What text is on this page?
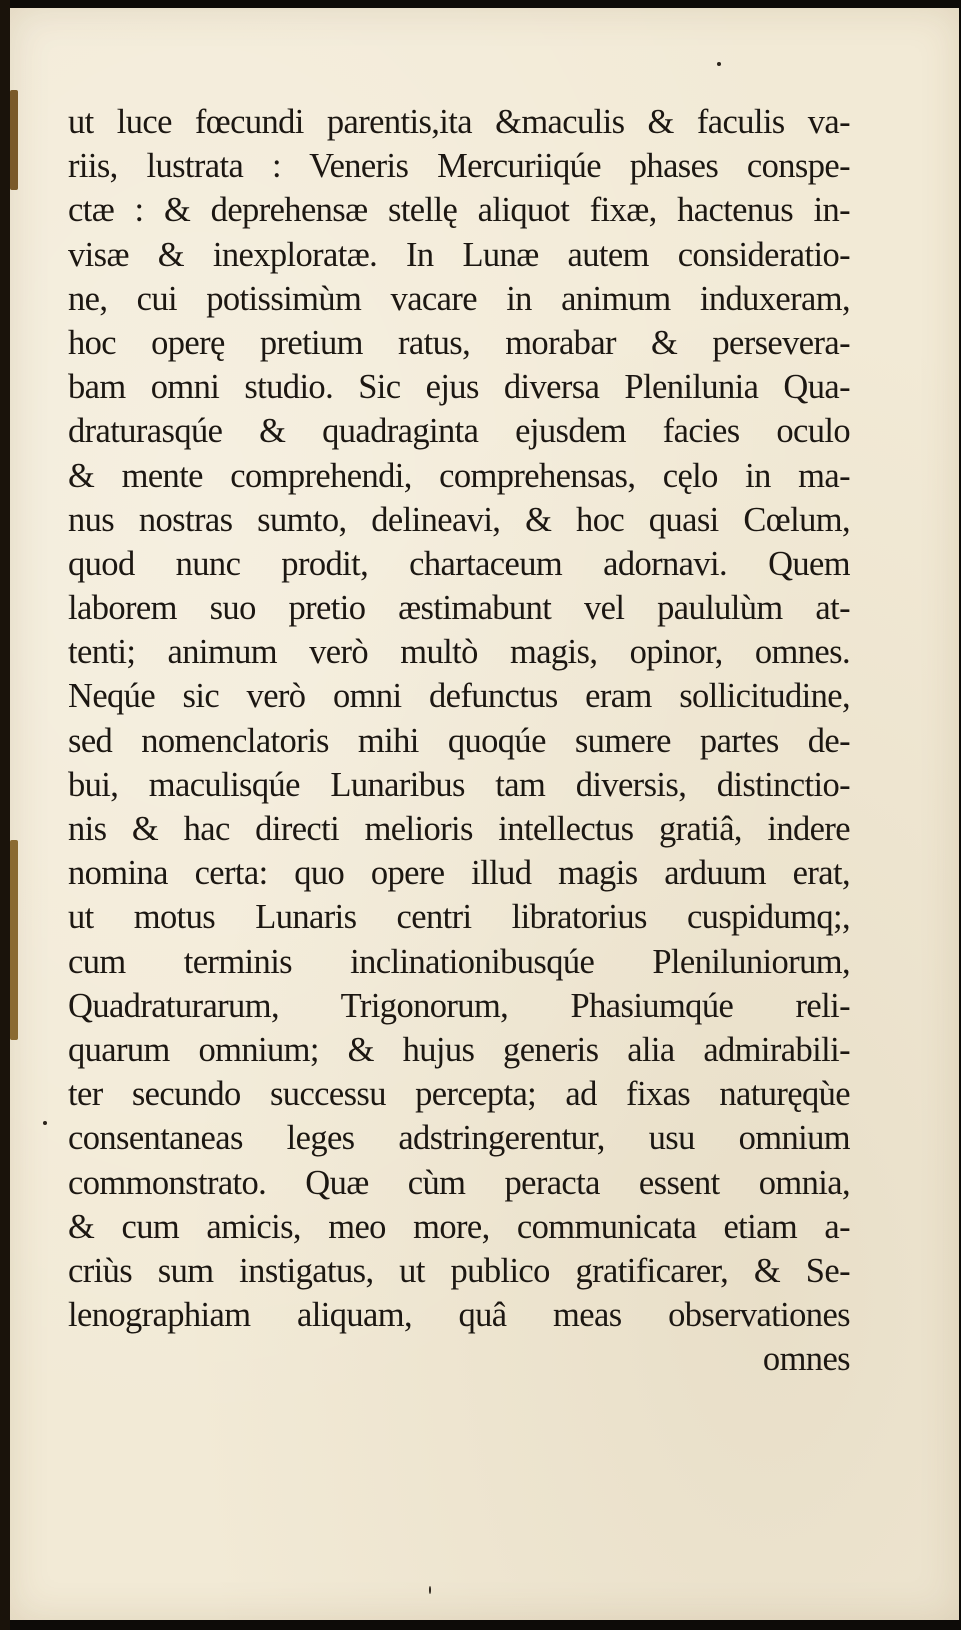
ut luce fœcundi parentis,ita &maculis & faculis va-
riis, lustrata : Veneris Mercuriiqúe phases conspe-
ctæ : & deprehensæ stellę aliquot fixæ, hactenus in-
visæ & inexploratæ. In Lunæ autem consideratio-
ne, cui potissimùm vacare in animum induxeram,
hoc operę pretium ratus, morabar & persevera-
bam omni studio. Sic ejus diversa Plenilunia Qua-
draturasqúe & quadraginta ejusdem facies oculo
& mente comprehendi, comprehensas, cęlo in ma-
nus nostras sumto, delineavi, & hoc quasi Cœlum,
quod nunc prodit, chartaceum adornavi. Quem
laborem suo pretio æstimabunt vel paululùm at-
tenti; animum verò multò magis, opinor, omnes.
Neqúe sic verò omni defunctus eram sollicitudine,
sed nomenclatoris mihi quoqúe sumere partes de-
bui, maculisqúe Lunaribus tam diversis, distinctio-
nis & hac directi melioris intellectus gratiâ, indere
nomina certa: quo opere illud magis arduum erat,
ut motus Lunaris centri libratorius cuspidumq;,
cum terminis inclinationibusqúe Pleniluniorum,
Quadraturarum, Trigonorum, Phasiumqúe reli-
quarum omnium; & hujus generis alia admirabili-
ter secundo successu percepta; ad fixas naturęqùe
consentaneas leges adstringerentur, usu omnium
commonstrato. Quæ cùm peracta essent omnia,
& cum amicis, meo more, communicata etiam a-
criùs sum instigatus, ut publico gratificarer, & Se-
lenographiam aliquam, quâ meas observationes
omnes
